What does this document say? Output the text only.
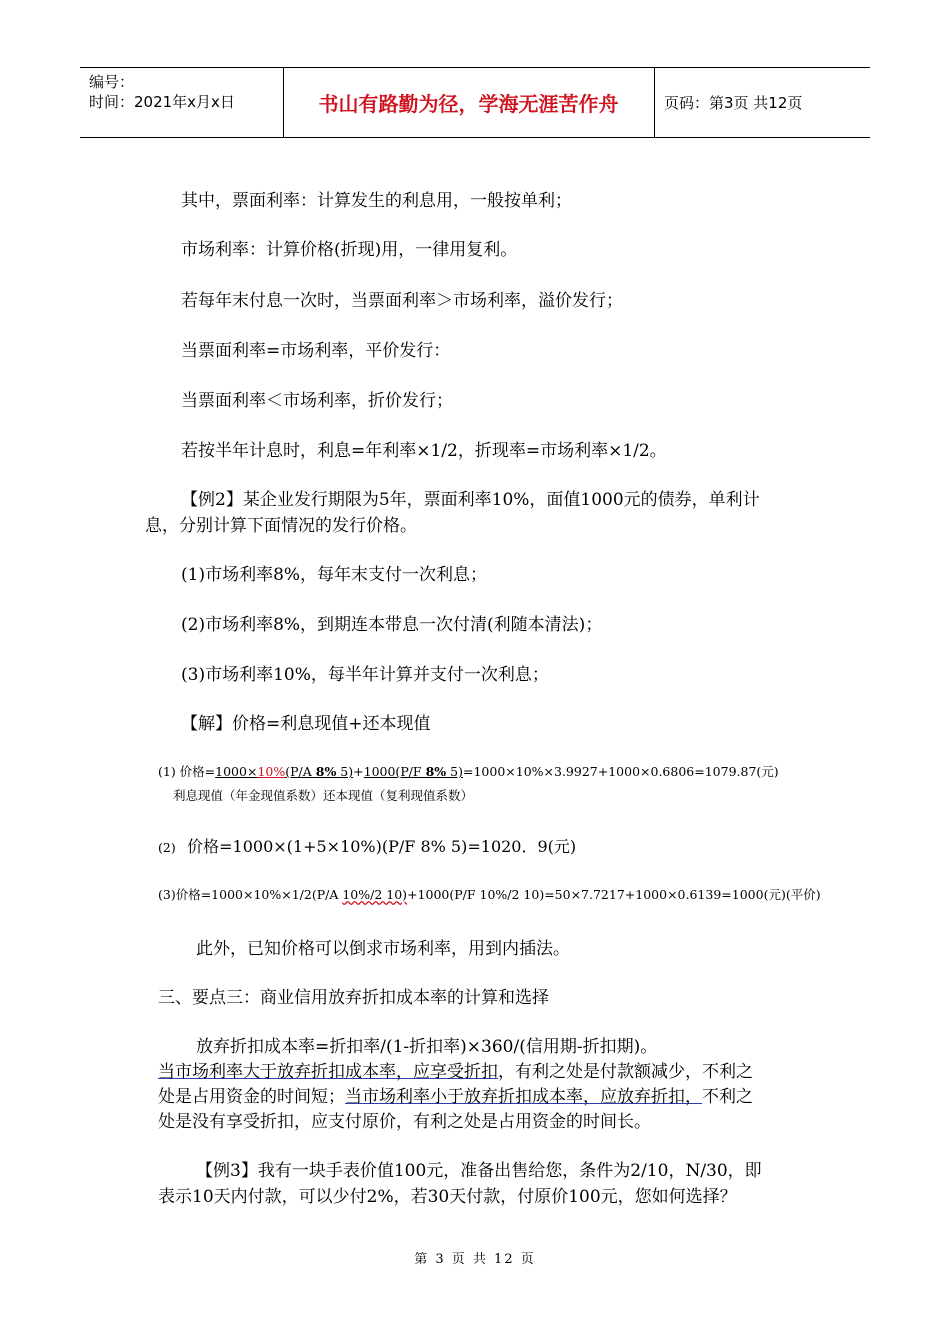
编号：
时间：2021年x月x日	书山有路勤为径，学海无涯苦作舟	页码：第3页 共12页
其中，票面利率：计算发生的利息用，一般按单利；
市场利率：计算价格(折现)用，一律用复利。
若每年末付息一次时，当票面利率＞市场利率，溢价发行；
当票面利率=市场利率，平价发行：
当票面利率＜市场利率，折价发行；
若按半年计息时，利息=年利率×1/2，折现率=市场利率×1/2。
【例2】某企业发行期限为5年，票面利率10%，面值1000元的债券，单利计
息，分别计算下面情况的发行价格。
(1)市场利率8%，每年末支付一次利息；
(2)市场利率8%，到期连本带息一次付清(利随本清法)；
(3)市场利率10%，每半年计算并支付一次利息；
【解】价格=利息现值+还本现值
(1) 价格=1000×10%(P/A 8% 5)+1000(P/F 8% 5)=1000×10%×3.9927+1000×0.6806=1079.87(元)
利息现值（年金现值系数）还本现值（复利现值系数）
(2) 价格=1000×(1+5×10%)(P/F 8% 5)=1020．9(元)
(3)价格=1000×10%×1/2(P/A 10%/2 10)+1000(P/F 10%/2 10)=50×7.7217+1000×0.6139=1000(元)(平价)
此外，已知价格可以倒求市场利率，用到内插法。
三、要点三：商业信用放弃折扣成本率的计算和选择
放弃折扣成本率=折扣率/(1-折扣率)×360/(信用期-折扣期)。
当市场利率大于放弃折扣成本率，应享受折扣，有利之处是付款额减少，不利之
处是占用资金的时间短；当市场利率小于放弃折扣成本率，应放弃折扣，不利之
处是没有享受折扣，应支付原价，有利之处是占用资金的时间长。
【例3】我有一块手表价值100元，准备出售给您，条件为2/10，N/30，即
表示10天内付款，可以少付2%，若30天付款，付原价100元，您如何选择？
第 3 页 共 12 页
